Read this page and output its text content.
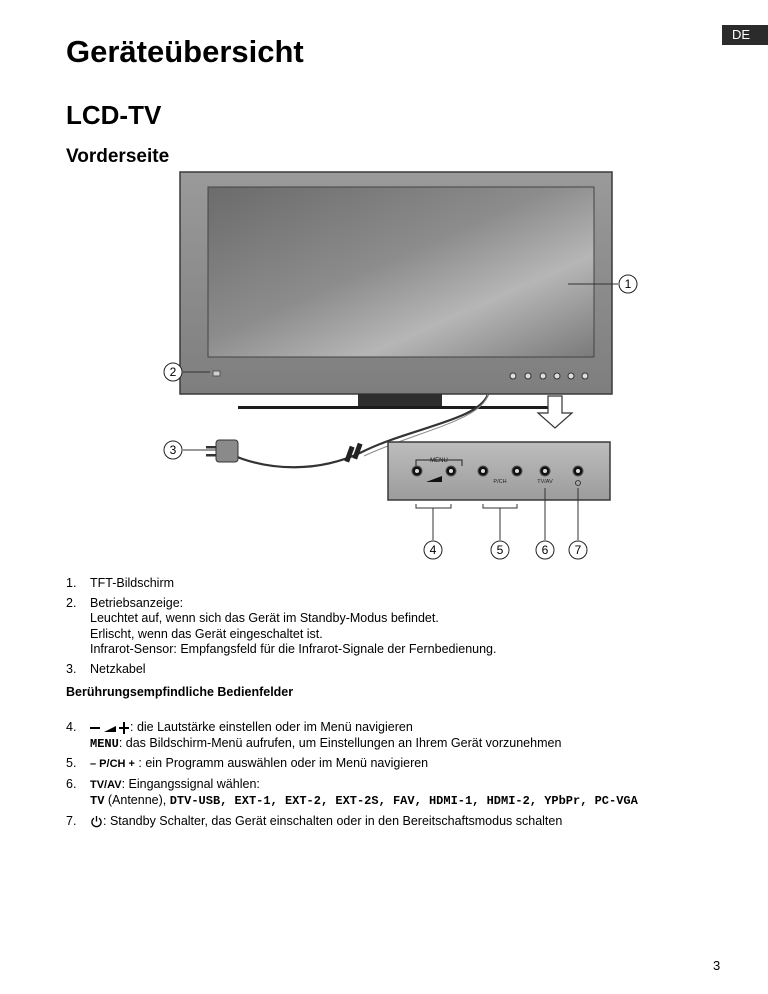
DE
Geräteübersicht
LCD-TV
Vorderseite
MENU
P/CH	TV/AV
1
2
3
4	5	6 7
1. TFT-Bildschirm
2. Betriebsanzeige:
Leuchtet auf, wenn sich das Gerät im Standby-Modus befindet.
Erlischt, wenn das Gerät eingeschaltet ist.
Infrarot-Sensor: Empfangsfeld für die Infrarot-Signale der Fernbedienung.
3. Netzkabel

Berührungsempfindliche Bedienfelder

4.	: die Lautstärke einstellen oder im Menü navigieren
MENU: das Bildschirm-Menü aufrufen, um Einstellungen an Ihrem Gerät vorzunehmen
5. – P/CH + : ein Programm auswählen oder im Menü navigieren
6. TV/AV: Eingangssignal wählen:
TV (Antenne), DTV-USB, EXT-1, EXT-2, EXT-2S, FAV, HDMI-1, HDMI-2, YPbPr, PC-VGA
7.	: Standby Schalter, das Gerät einschalten oder in den Bereitschaftsmodus schalten
3
